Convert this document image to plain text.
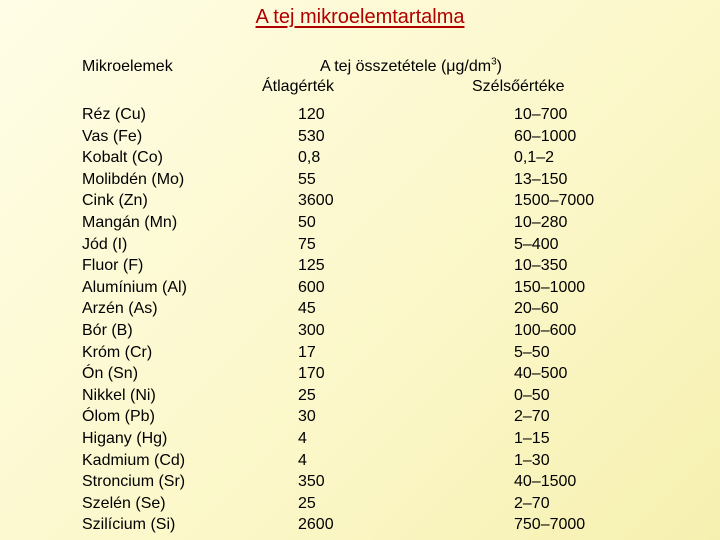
A tej mikroelemtartalma
Mikroelemek	A tej összetétele $(\mu g/dm^3)$
Átlagérték	Szélsőértéke
Réz (Cu)
Vas (Fe)
Kobalt (Co)
Molibdén (Mo)
Cink (Zn)
Mangán (Mn)
Jód (I)
Fluor (F)
Alumínium (Al)
Arzén (As)
Bór (B)
Króm (Cr)
Ón (Sn)
Nikkel (Ni)
Ólom (Pb)
Higany (Hg)
Kadmium (Cd)
Stroncium (Sr)
Szelén (Se)
Szilícium (Si)
120
530
0,8
55
3600
50
75
125
600
45
300
17
170
25
30
4
4
350
25
2600
10–700
60–1000
0,1–2
13–150
1500–7000
10–280
5–400
10–350
150–1000
20–60
100–600
5–50
40–500
0–50
2–70
1–15
1–30
40–1500
2–70
750–7000
